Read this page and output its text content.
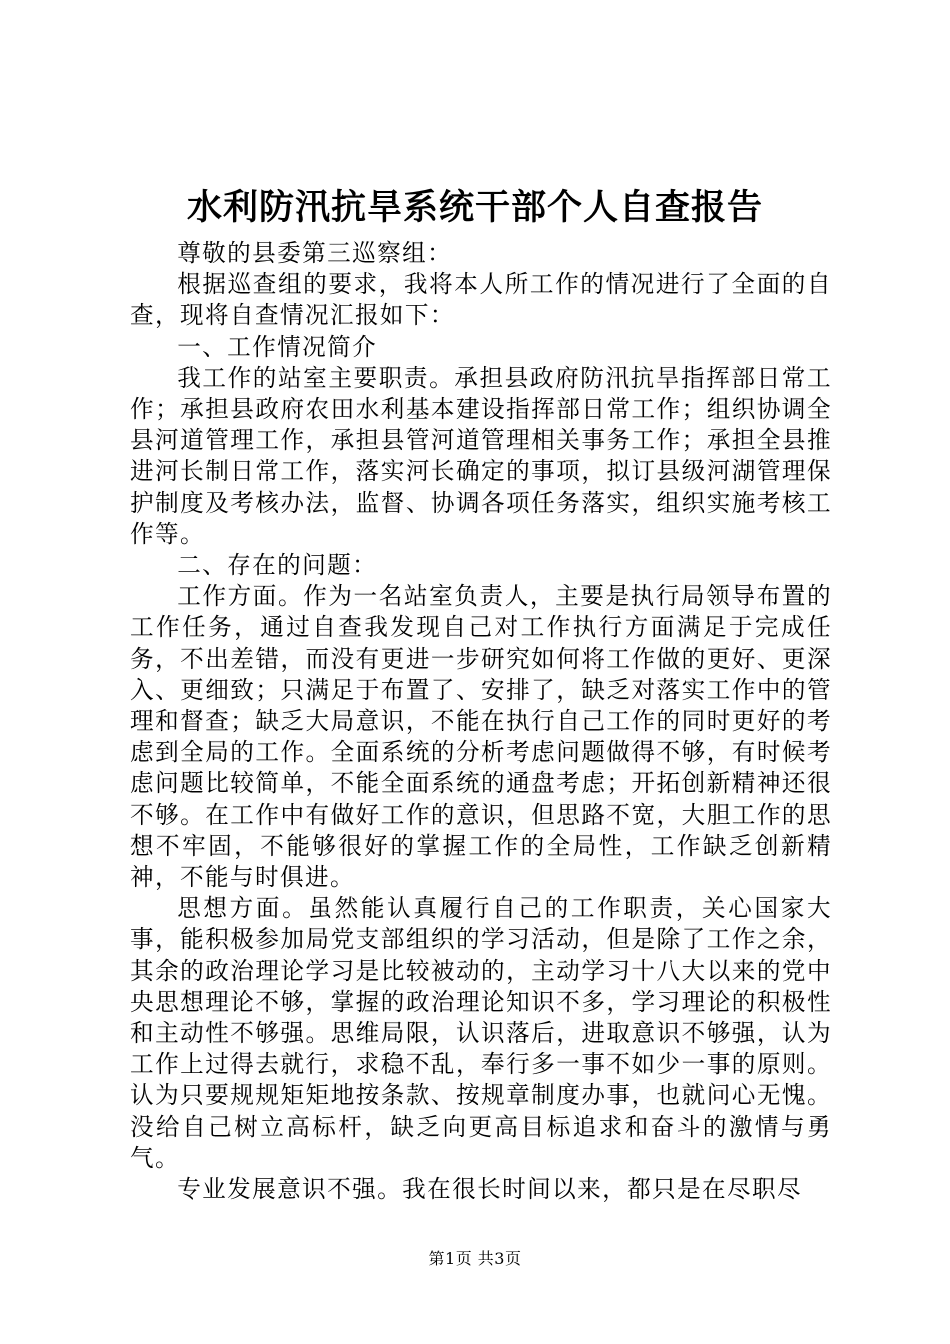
水利防汛抗旱系统干部个人自查报告

尊敬的县委第三巡察组：

根据巡查组的要求，我将本人所工作的情况进行了全面的自查，现将自查情况汇报如下：

一、工作情况简介

我工作的站室主要职责。承担县政府防汛抗旱指挥部日常工作；承担县政府农田水利基本建设指挥部日常工作；组织协调全县河道管理工作，承担县管河道管理相关事务工作；承担全县推进河长制日常工作，落实河长确定的事项，拟订县级河湖管理保护制度及考核办法，监督、协调各项任务落实，组织实施考核工作等。

二、存在的问题：

工作方面。作为一名站室负责人，主要是执行局领导布置的工作任务，通过自查我发现自己对工作执行方面满足于完成任务，不出差错，而没有更进一步研究如何将工作做的更好、更深入、更细致；只满足于布置了、安排了，缺乏对落实工作中的管理和督查；缺乏大局意识，不能在执行自己工作的同时更好的考虑到全局的工作。全面系统的分析考虑问题做得不够，有时候考虑问题比较简单，不能全面系统的通盘考虑；开拓创新精神还很不够。在工作中有做好工作的意识，但思路不宽，大胆工作的思想不牢固，不能够很好的掌握工作的全局性，工作缺乏创新精神，不能与时俱进。

思想方面。虽然能认真履行自己的工作职责，关心国家大事，能积极参加局党支部组织的学习活动，但是除了工作之余，其余的政治理论学习是比较被动的，主动学习十八大以来的党中央思想理论不够，掌握的政治理论知识不多，学习理论的积极性和主动性不够强。思维局限，认识落后，进取意识不够强，认为工作上过得去就行，求稳不乱，奉行多一事不如少一事的原则。认为只要规规矩矩地按条款、按规章制度办事，也就问心无愧。没给自己树立高标杆，缺乏向更高目标追求和奋斗的激情与勇气。

专业发展意识不强。我在很长时间以来，都只是在尽职尽

第1页 共3页
